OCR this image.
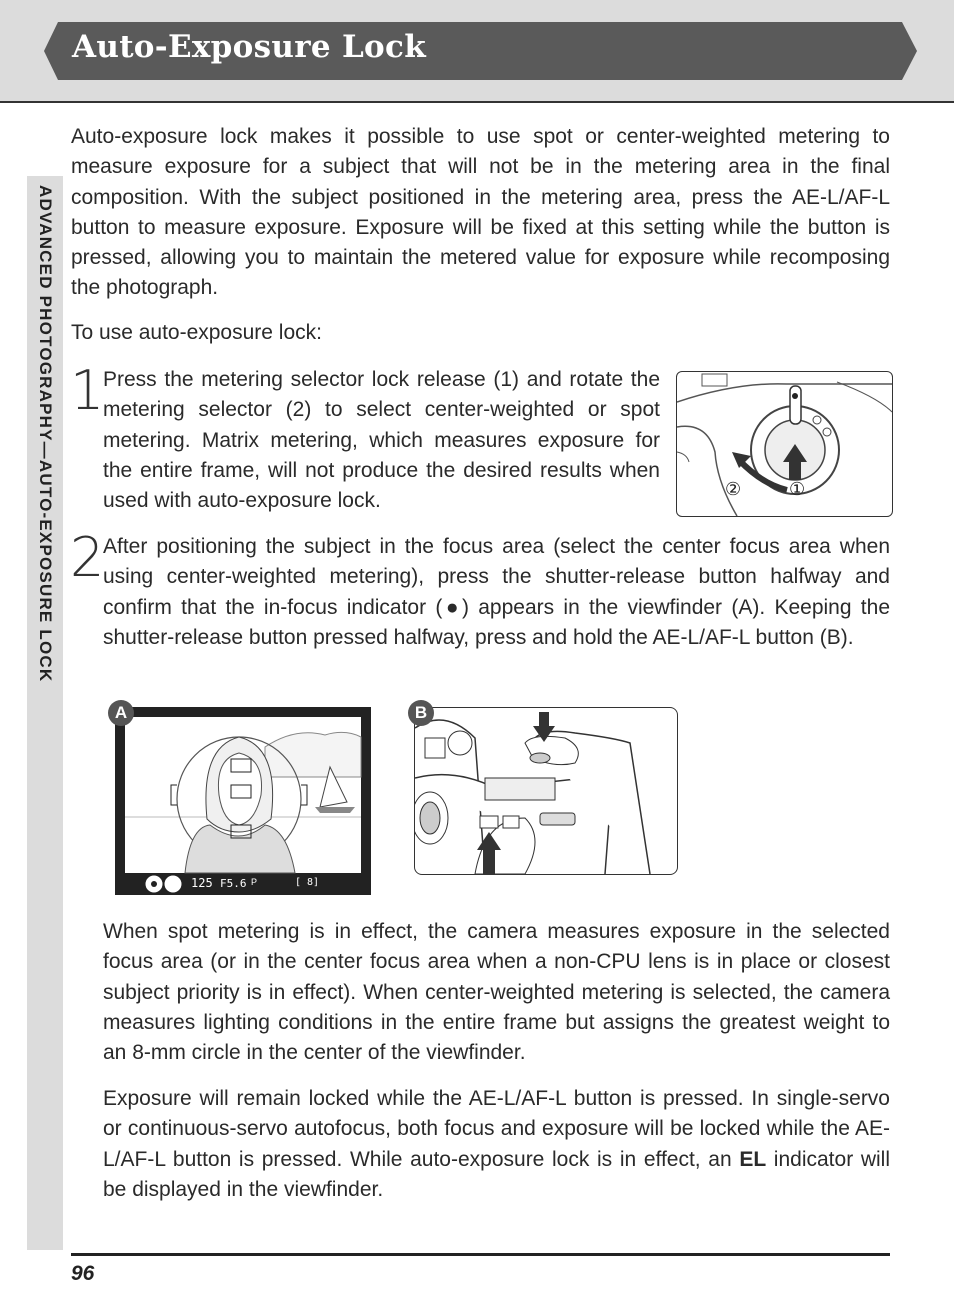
Auto-Exposure Lock
ADVANCED PHOTOGRAPHY—AUTO-EXPOSURE LOCK

Auto-exposure lock makes it possible to use spot or center-weighted metering to measure exposure for a subject that will not be in the metering area in the final composition. With the subject positioned in the metering area, press the AE-L/AF-L button to measure exposure. Exposure will be fixed at this setting while the button is pressed, allowing you to maintain the metered value for exposure while recomposing the photograph.

To use auto-exposure lock:

1

Press the metering selector lock release (1) and rotate the metering selector (2) to select center-weighted or spot metering. Matrix metering, which measures exposure for the entire frame, will not produce the desired results when used with auto-exposure lock.

②	①
2

After positioning the subject in the focus area (select the center focus area when using center-weighted metering), press the shutter-release button halfway and confirm that the in-focus indicator (●) appears in the viewfinder (A). Keeping the shutter-release button pressed halfway, press and hold the AE-L/AF-L button (B).

125 F5.6 P	[ 8]
A	B

When spot metering is in effect, the camera measures exposure in the selected focus area (or in the center focus area when a non-CPU lens is in place or closest subject priority is in effect). When center-weighted metering is selected, the camera measures lighting conditions in the entire frame but assigns the greatest weight to an 8-mm circle in the center of the viewfinder.

Exposure will remain locked while the AE-L/AF-L button is pressed. In single-servo or continuous-servo autofocus, both focus and exposure will be locked while the AE-L/AF-L button is pressed. While auto-exposure lock is in effect, an EL indicator will be displayed in the viewfinder.

96
